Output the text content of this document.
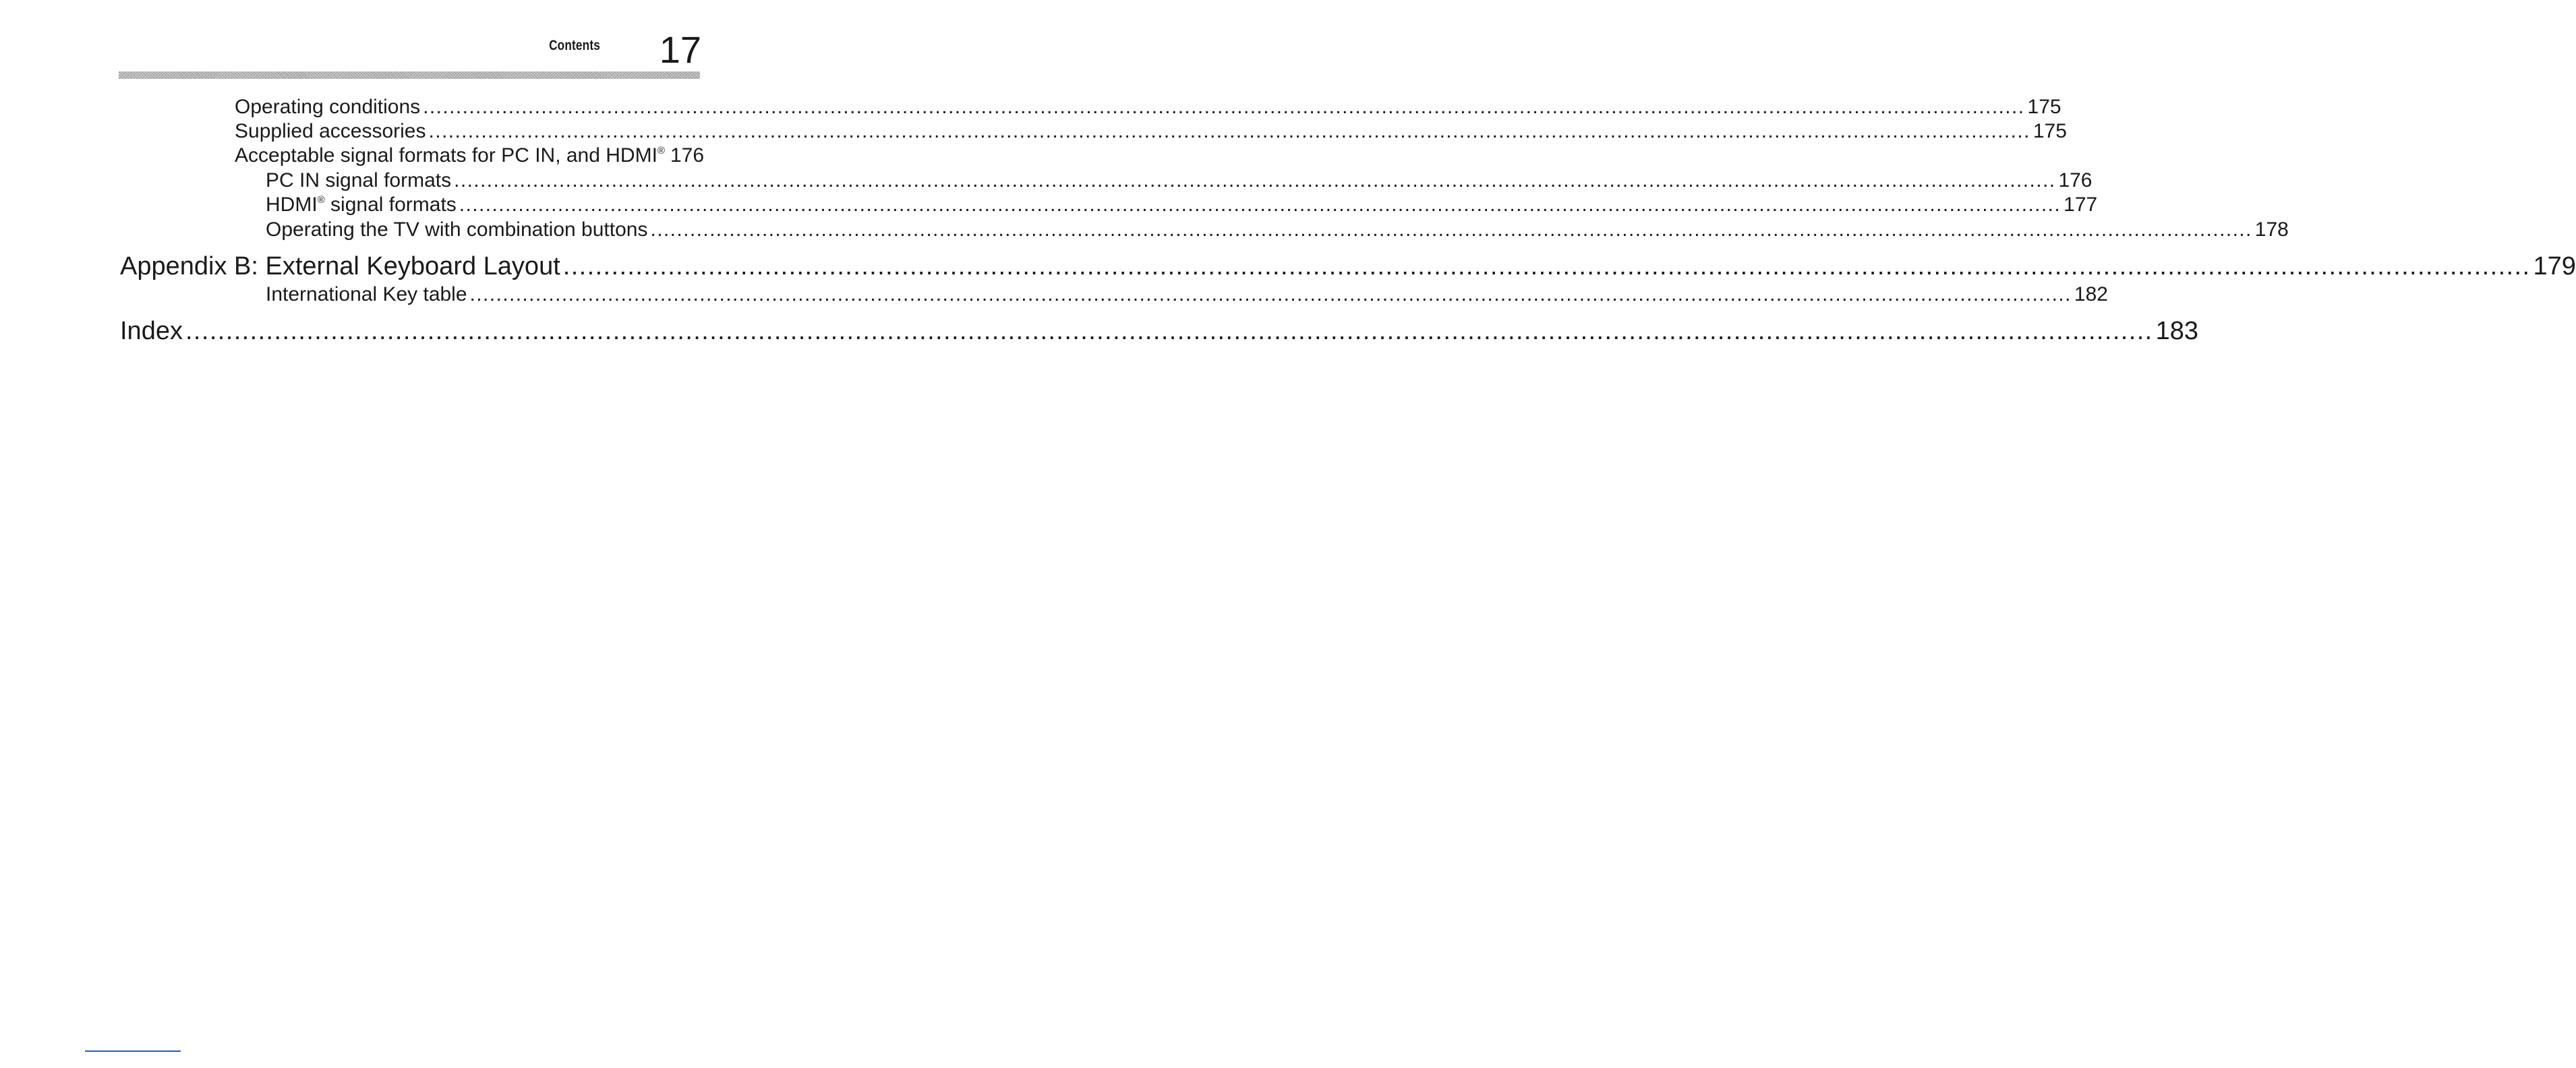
Contents	17
Operating conditions .....	175
Supplied accessories .....	175
Acceptable signal formats for PC IN, and HDMI® 176
PC IN signal formats .....	176
HDMI® signal formats .....	177
Operating the TV with combination buttons .....	178
Appendix B: External Keyboard Layout .....	179
International Key table .....	182
Index .....	183
